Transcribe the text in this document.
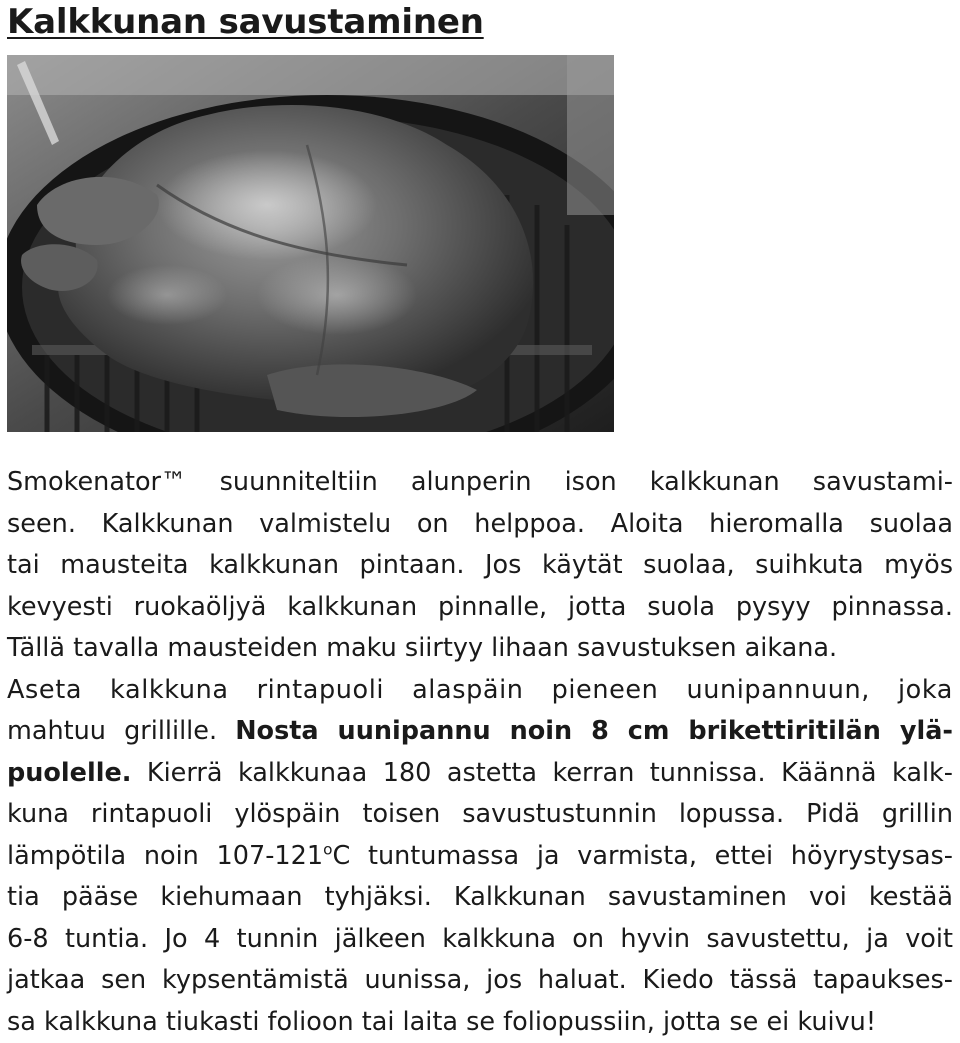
Kalkkunan savustaminen
Smokenator™ suunniteltiin alunperin ison kalkkunan savustami-
seen. Kalkkunan valmistelu on helppoa. Aloita hieromalla suolaa
tai mausteita kalkkunan pintaan. Jos käytät suolaa, suihkuta myös
kevyesti ruokaöljyä kalkkunan pinnalle, jotta suola pysyy pinnassa.
Tällä tavalla mausteiden maku siirtyy lihaan savustuksen aikana.
Aseta kalkkuna rintapuoli alaspäin pieneen uunipannuun, joka
mahtuu grillille. Nosta uunipannu noin 8 cm brikettiritilän ylä-
puolelle. Kierrä kalkkunaa 180 astetta kerran tunnissa. Käännä kalk-
kuna rintapuoli ylöspäin toisen savustustunnin lopussa. Pidä grillin
lämpötila noin 107-121$^o$C tuntumassa ja varmista, ettei höyrystysas-
tia pääse kiehumaan tyhjäksi. Kalkkunan savustaminen voi kestää
6-8 tuntia. Jo 4 tunnin jälkeen kalkkuna on hyvin savustettu, ja voit
jatkaa sen kypsentämistä uunissa, jos haluat. Kiedo tässä tapaukses-
sa kalkkuna tiukasti folioon tai laita se foliopussiin, jotta se ei kuivu!
